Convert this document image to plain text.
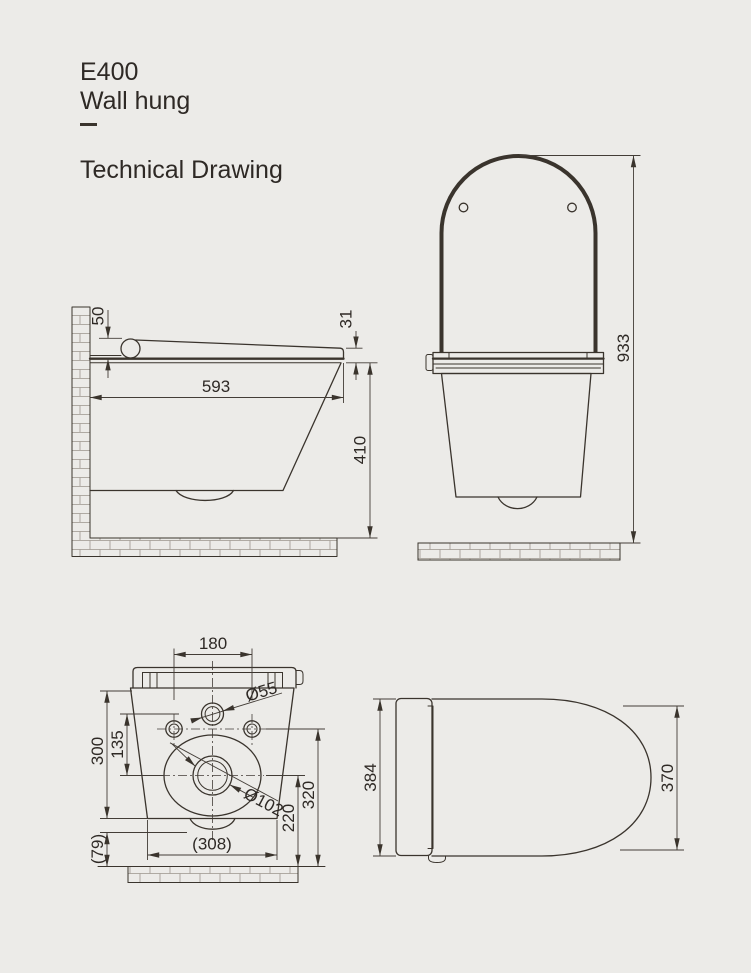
E400
Wall hung
Technical Drawing
50	31
593
410
933
180
Ø55
Ø102
135
300
320
220
(79)	(308)
384	370
